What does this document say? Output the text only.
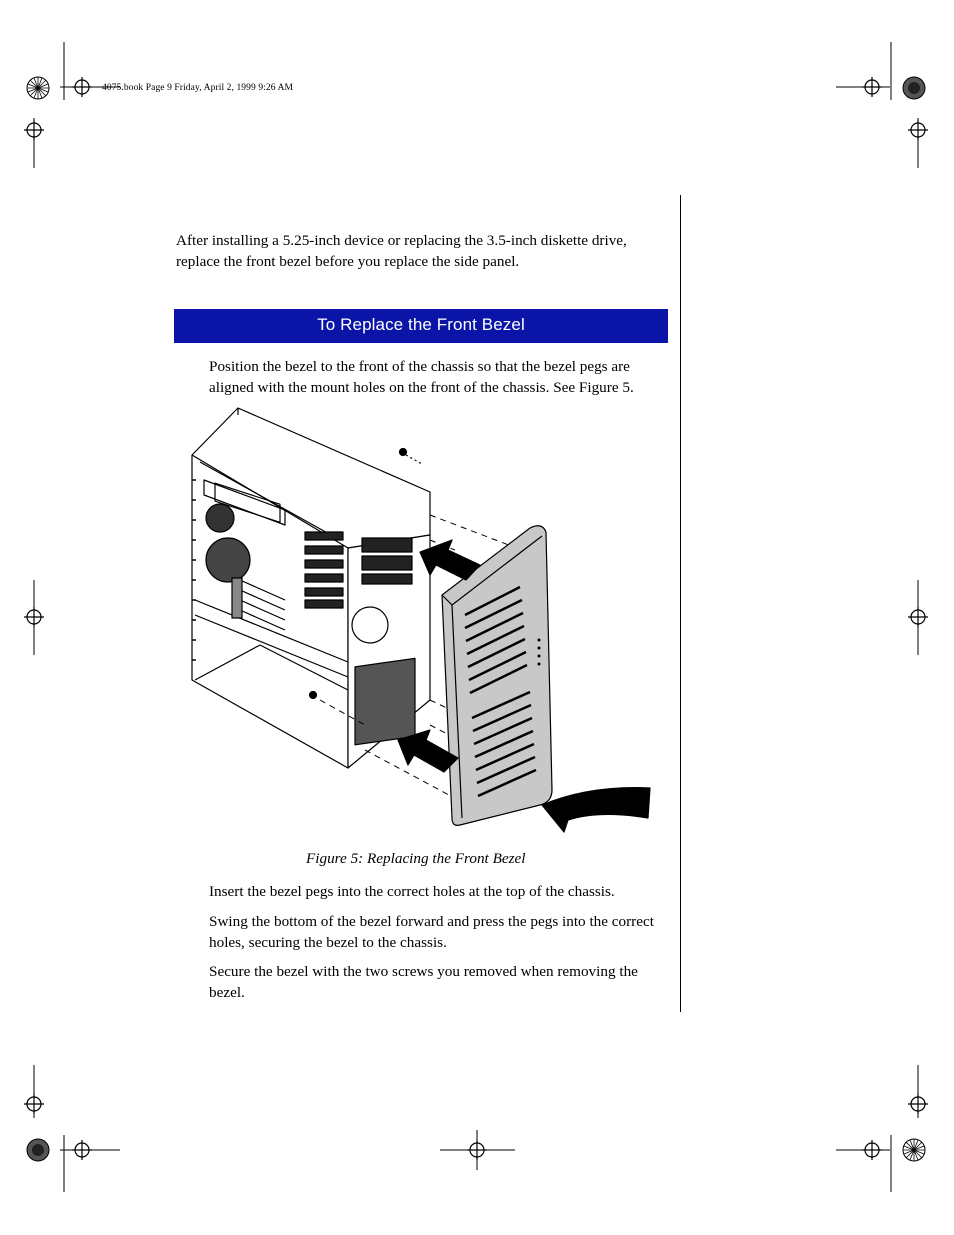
4075.book Page 9 Friday, April 2, 1999 9:26 AM
After installing a 5.25-inch device or replacing the 3.5-inch diskette drive, replace the front bezel before you replace the side panel.
To Replace the Front Bezel
Position the bezel to the front of the chassis so that the bezel pegs are aligned with the mount holes on the front of the chassis. See Figure 5.
Figure 5: Replacing the Front Bezel
Insert the bezel pegs into the correct holes at the top of the chassis.
Swing the bottom of the bezel forward and press the pegs into the correct holes, securing the bezel to the chassis.
Secure the bezel with the two screws you removed when removing the bezel.
